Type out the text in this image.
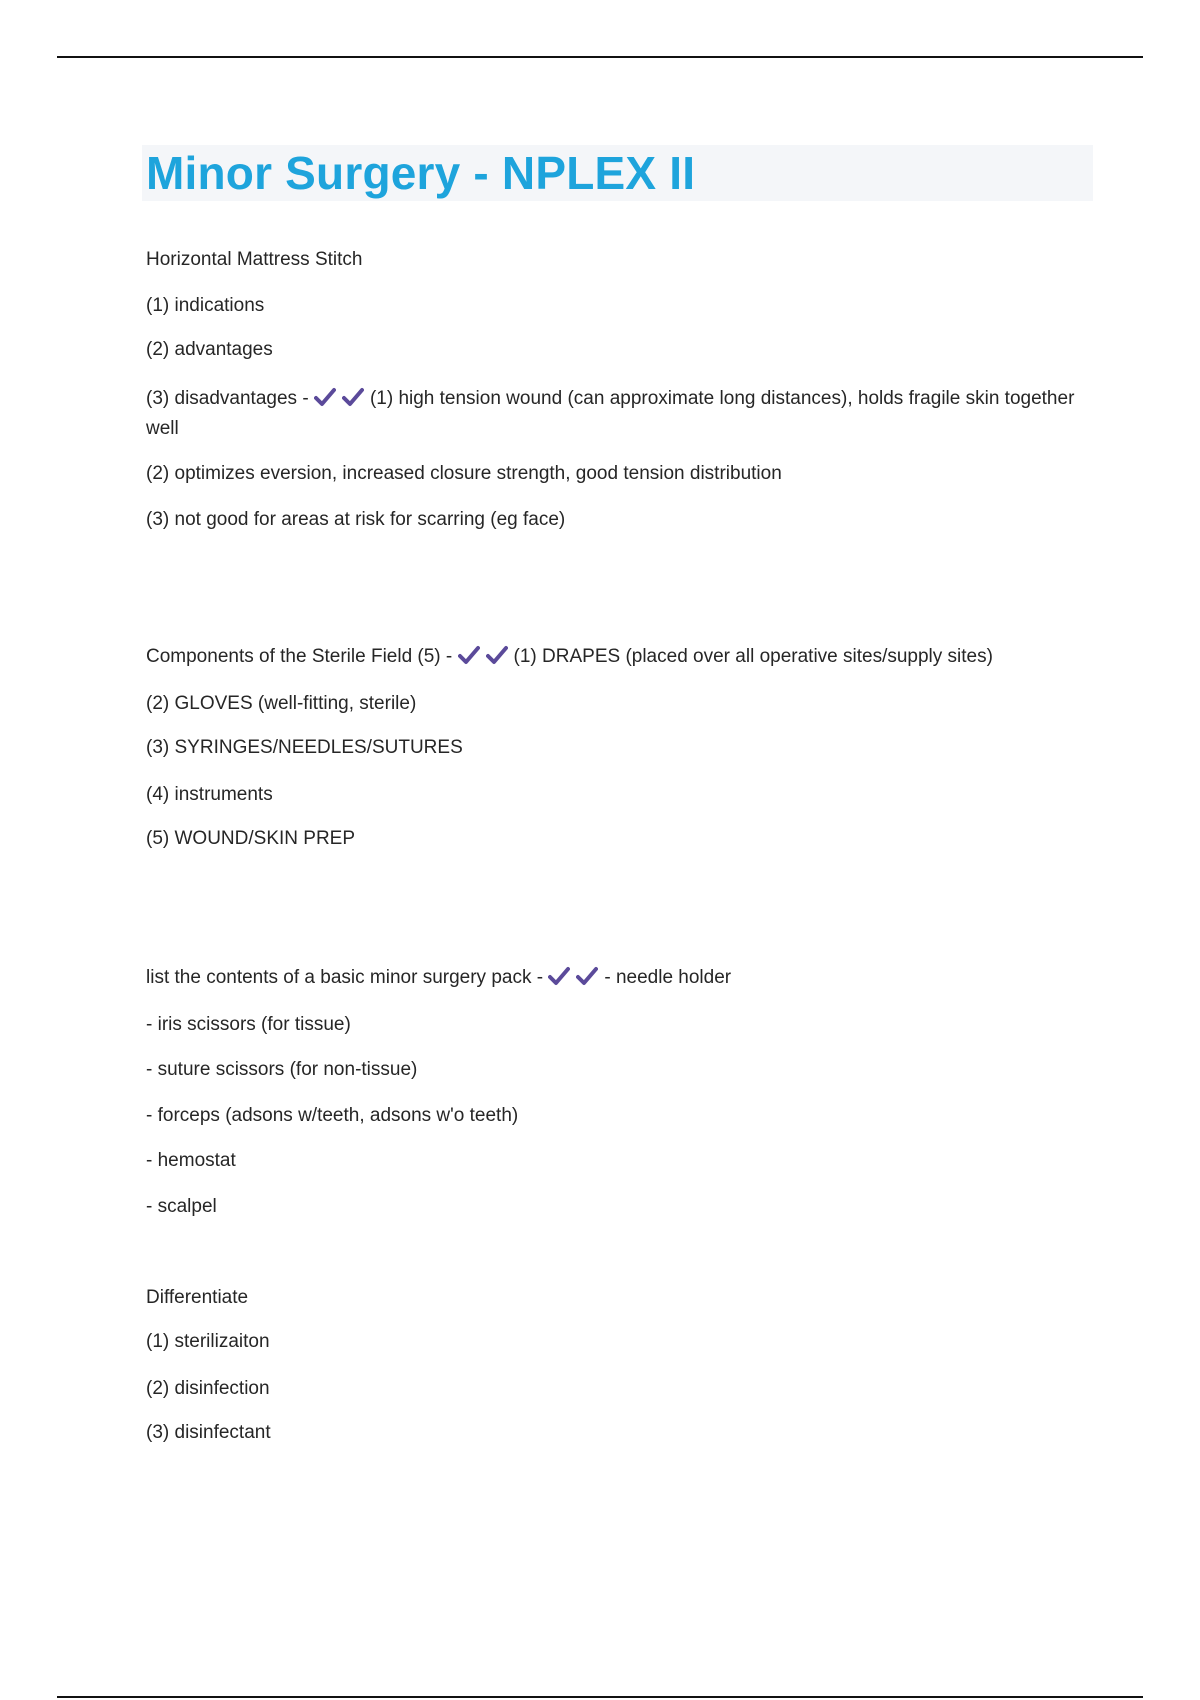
Minor Surgery - NPLEX II
Horizontal Mattress Stitch
(1) indications
(2) advantages
(3) disadvantages -	(1) high tension wound (can approximate long distances), holds fragile skin together well
(2) optimizes eversion, increased closure strength, good tension distribution
(3) not good for areas at risk for scarring (eg face)
Components of the Sterile Field (5) -	(1) DRAPES (placed over all operative sites/supply sites)
(2) GLOVES (well-fitting, sterile)
(3) SYRINGES/NEEDLES/SUTURES
(4) instruments
(5) WOUND/SKIN PREP
list the contents of a basic minor surgery pack -	- needle holder
- iris scissors (for tissue)
- suture scissors (for non-tissue)
- forceps (adsons w/teeth, adsons w'o teeth)
- hemostat
- scalpel
Differentiate
(1) sterilizaiton
(2) disinfection
(3) disinfectant
